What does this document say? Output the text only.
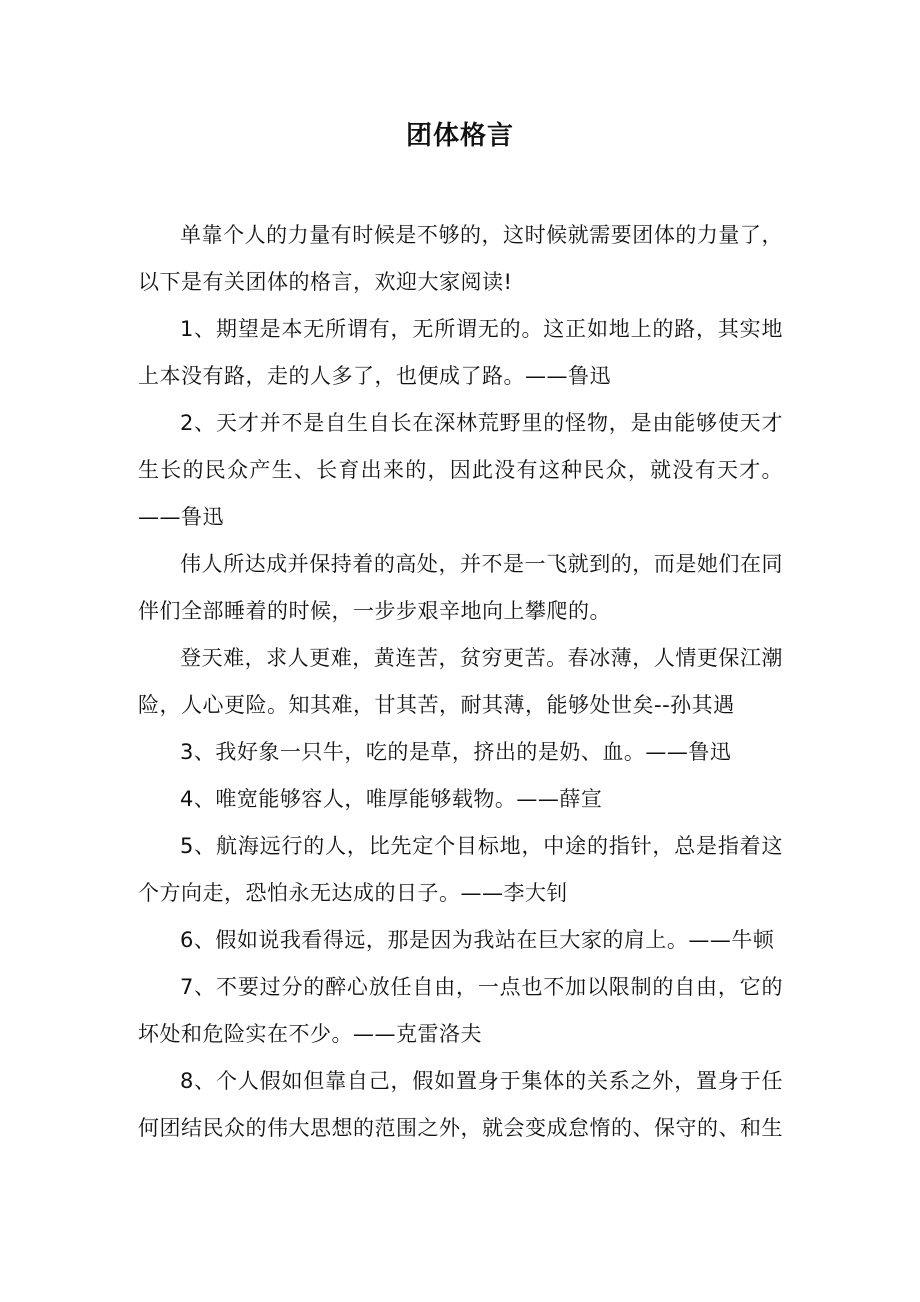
团体格言

单靠个人的力量有时候是不够的，这时候就需要团体的力量了，以下是有关团体的格言，欢迎大家阅读!

1、期望是本无所谓有，无所谓无的。这正如地上的路，其实地上本没有路，走的人多了，也便成了路。——鲁迅

2、天才并不是自生自长在深林荒野里的怪物，是由能够使天才生长的民众产生、长育出来的，因此没有这种民众，就没有天才。——鲁迅

伟人所达成并保持着的高处，并不是一飞就到的，而是她们在同伴们全部睡着的时候，一步步艰辛地向上攀爬的。

登天难，求人更难，黄连苦，贫穷更苦。春冰薄，人情更保江潮险，人心更险。知其难，甘其苦，耐其薄，能够处世矣--孙其遇

3、我好象一只牛，吃的是草，挤出的是奶、血。——鲁迅

4、唯宽能够容人，唯厚能够载物。——薛宣

5、航海远行的人，比先定个目标地，中途的指针，总是指着这个方向走，恐怕永无达成的日子。——李大钊

6、假如说我看得远，那是因为我站在巨大家的肩上。——牛顿

7、不要过分的醉心放任自由，一点也不加以限制的自由，它的坏处和危险实在不少。——克雷洛夫

8、个人假如但靠自己，假如置身于集体的关系之外，置身于任何团结民众的伟大思想的范围之外，就会变成怠惰的、保守的、和生
